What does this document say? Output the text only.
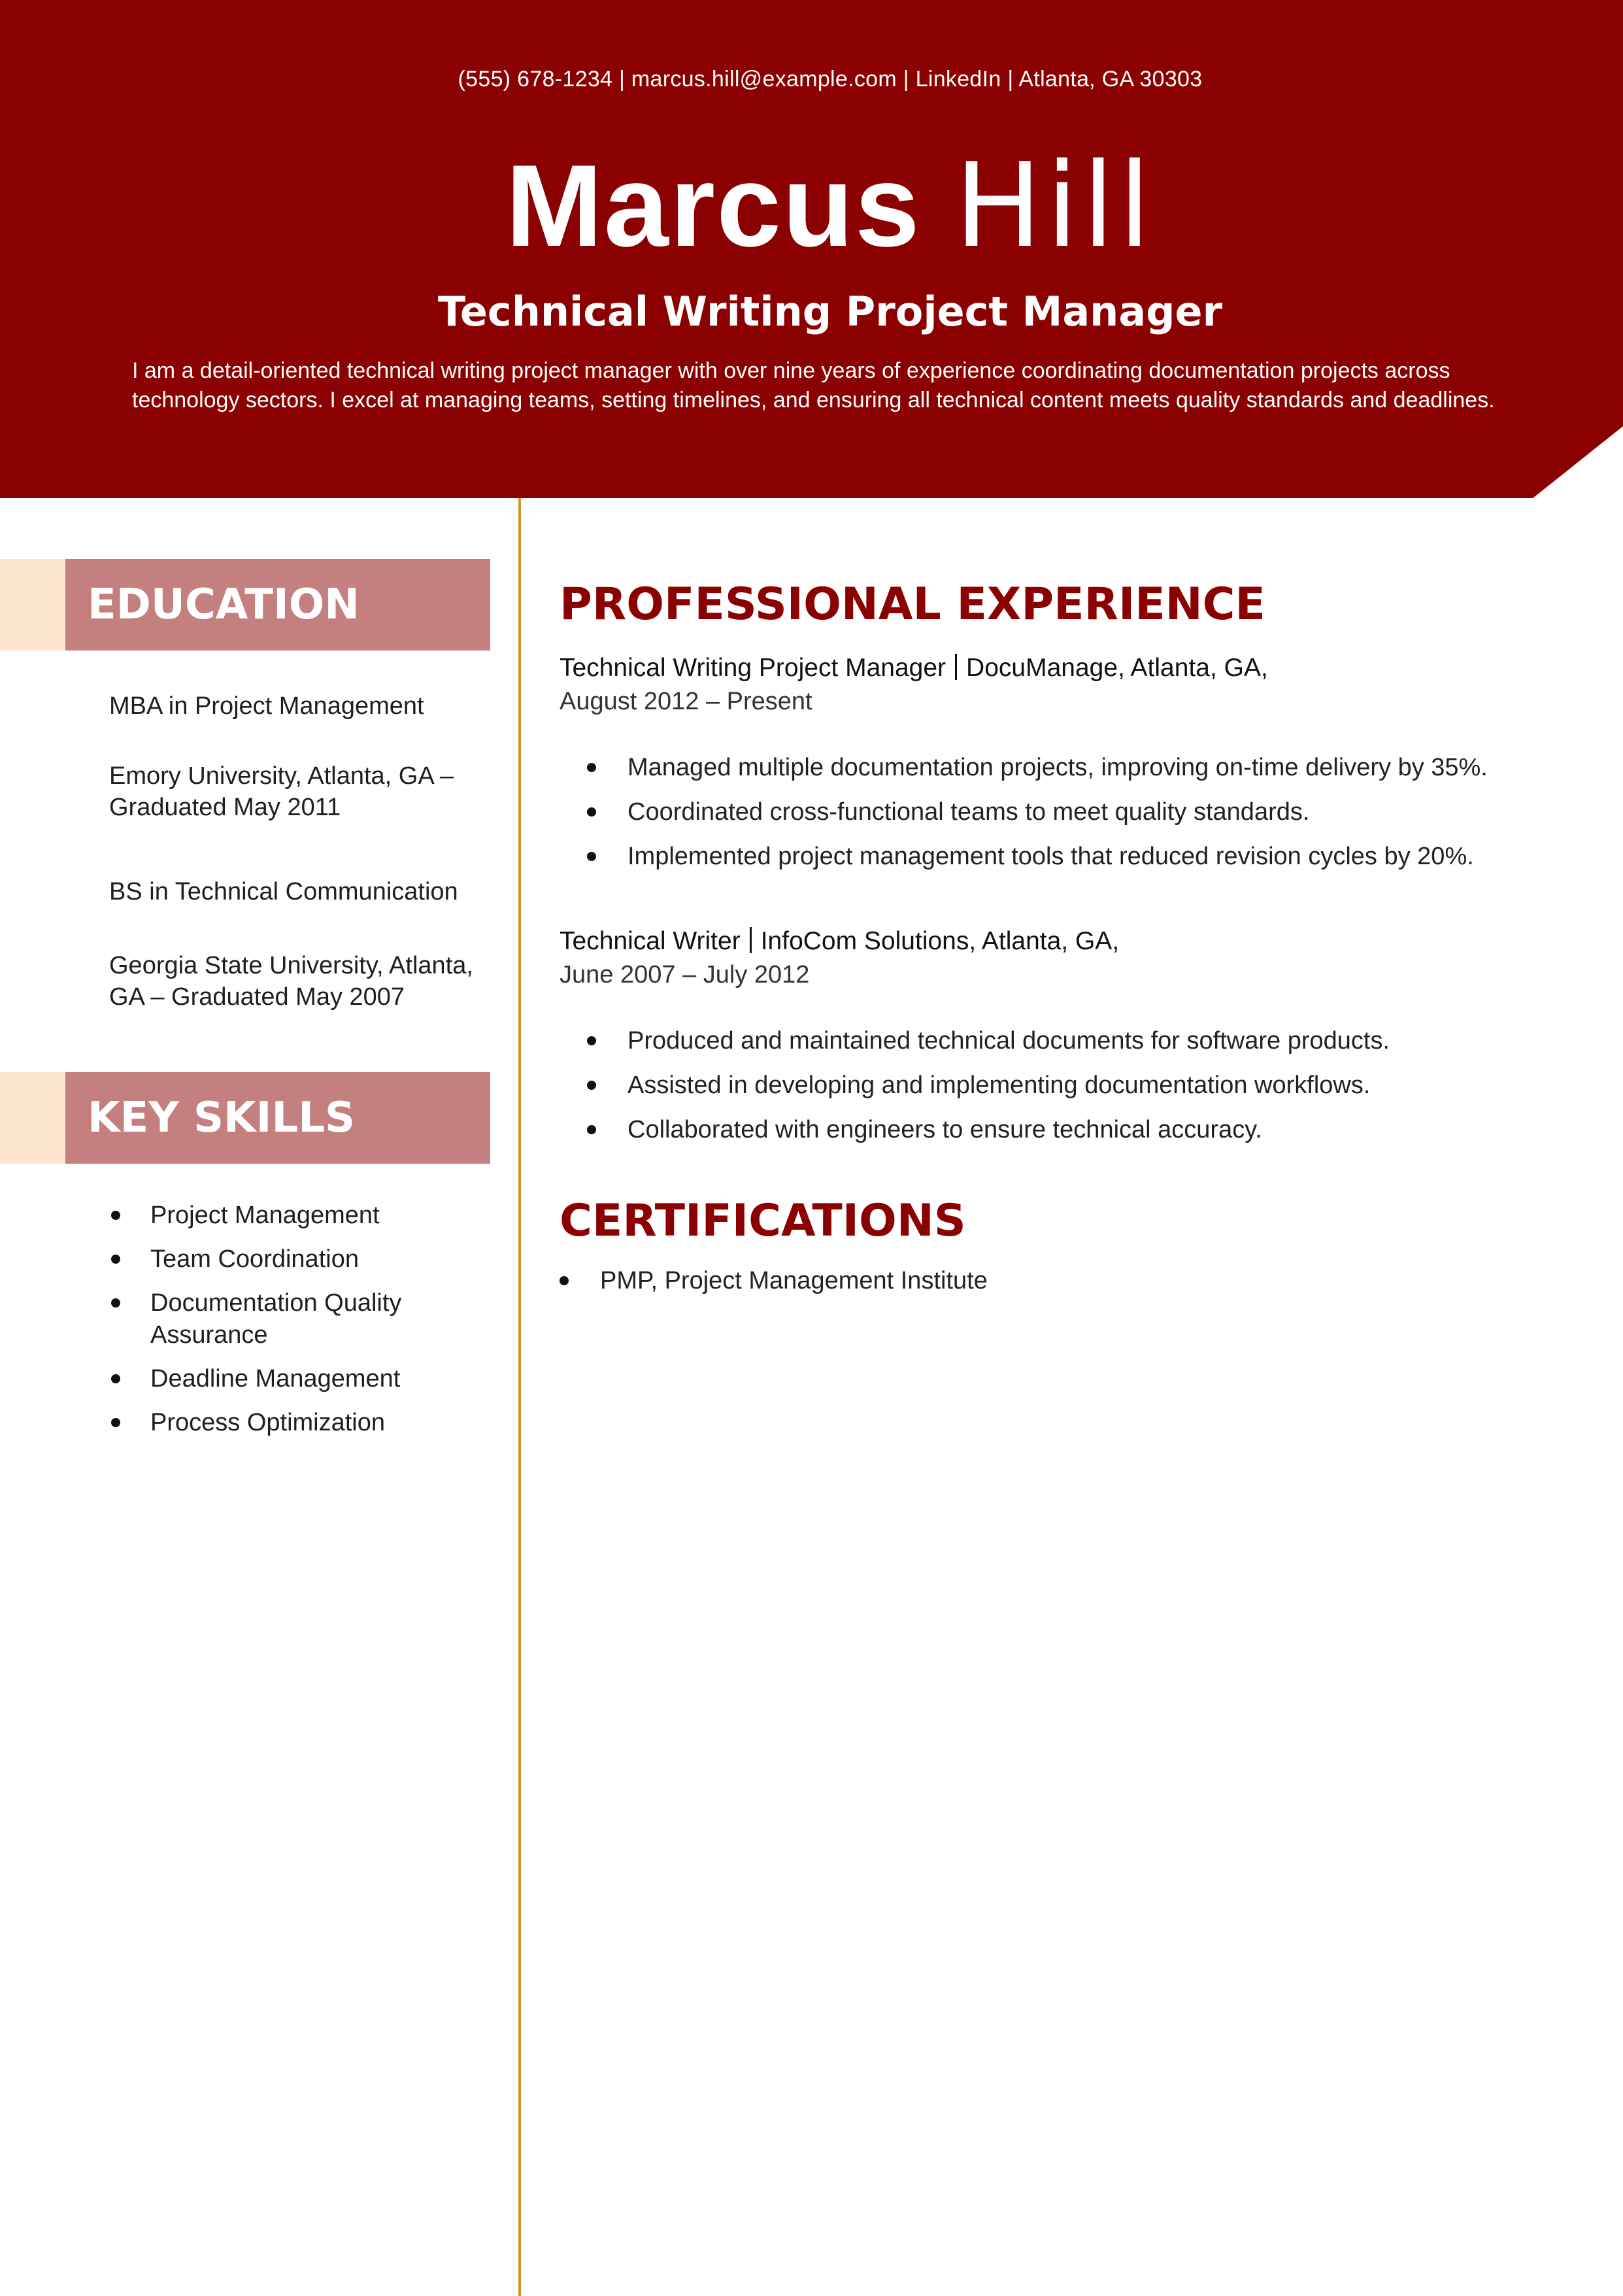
(555) 678-1234 | marcus.hill@example.com | LinkedIn | Atlanta, GA 30303
Marcus Hill
Technical Writing Project Manager
I am a detail-oriented technical writing project manager with over nine years of experience coordinating documentation projects across technology sectors. I excel at managing teams, setting timelines, and ensuring all technical content meets quality standards and deadlines.
EDUCATION
MBA in Project Management
Emory University, Atlanta, GA – Graduated May 2011
BS in Technical Communication
Georgia State University, Atlanta, GA – Graduated May 2007
KEY SKILLS
Project Management
Team Coordination
Documentation Quality Assurance
Deadline Management
Process Optimization
PROFESSIONAL EXPERIENCE
Technical Writing Project Manager DocuManage, Atlanta, GA,
August 2012 – Present
Managed multiple documentation projects, improving on-time delivery by 35%.
Coordinated cross-functional teams to meet quality standards.
Implemented project management tools that reduced revision cycles by 20%.
Technical Writer InfoCom Solutions, Atlanta, GA,
June 2007 – July 2012
Produced and maintained technical documents for software products.
Assisted in developing and implementing documentation workflows.
Collaborated with engineers to ensure technical accuracy.
CERTIFICATIONS
PMP, Project Management Institute
